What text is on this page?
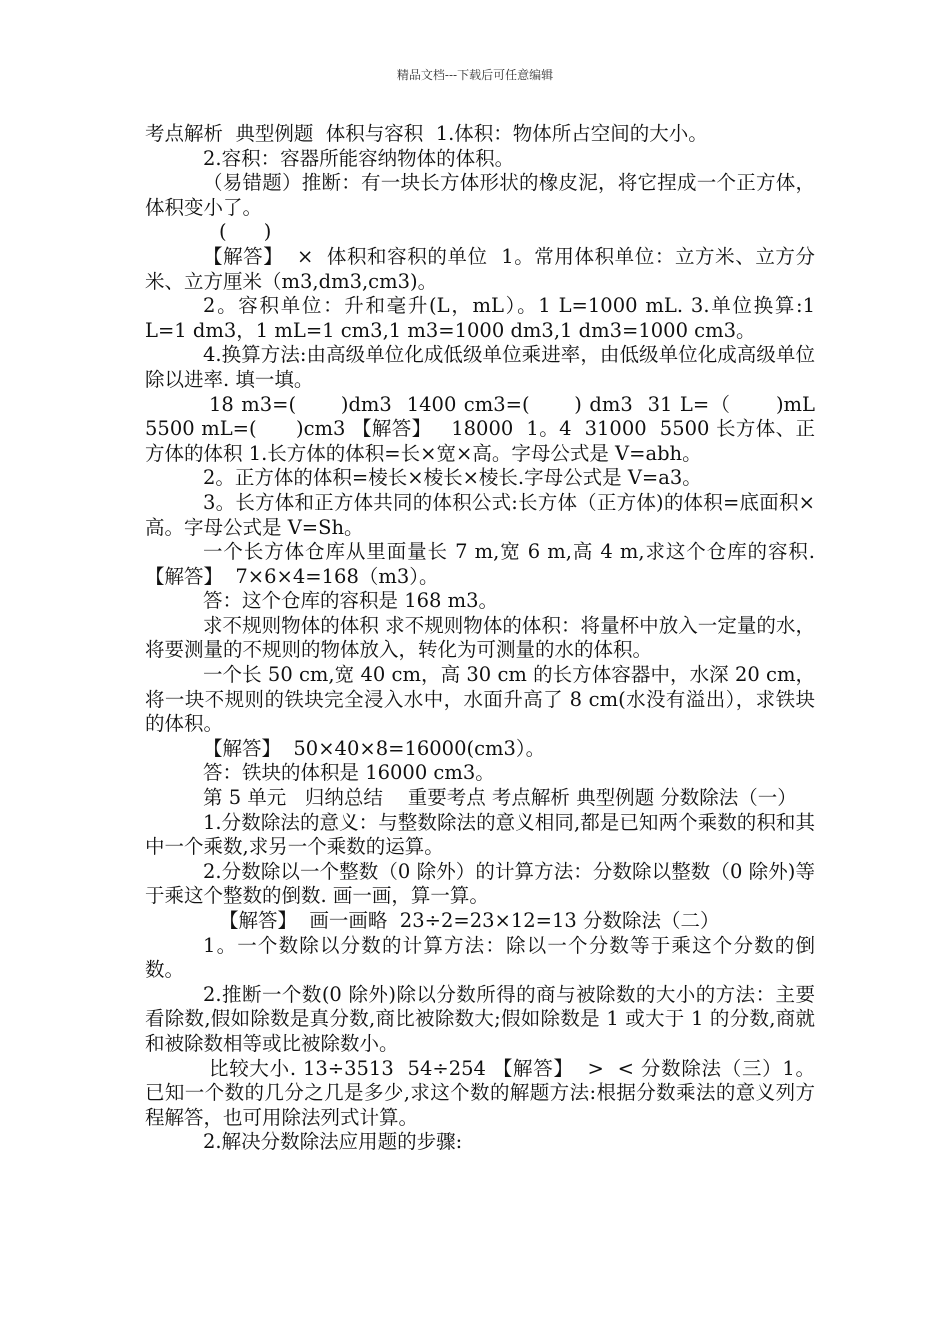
精品文档---下载后可任意编辑

考点解析  典型例题  体积与容积  1.体积：物体所占空间的大小。

2.容积：容器所能容纳物体的体积。

（易错题）推断：有一块长方体形状的橡皮泥，将它捏成一个正方体，体积变小了。

(      )

【解答】  ×  体积和容积的单位  1。常用体积单位：立方米、立方分米、立方厘米（m3,dm3,cm3)。

2。容积单位：升和毫升(L，mL）。1 L=1000 mL. 3.单位换算:1 L=1 dm3，1 mL=1 cm3,1 m3=1000 dm3,1 dm3=1000 cm3。

4.换算方法:由高级单位化成低级单位乘进率，由低级单位化成高级单位除以进率. 填一填。

18 m3=(      )dm3  1400 cm3=(      ) dm3  31 L=（      )mL  5500 mL=(      )cm3 【解答】   18000  1。4  31000  5500 长方体、正方体的体积 1.长方体的体积=长×宽×高。字母公式是 V=abh。

2。正方体的体积=棱长×棱长×棱长.字母公式是 V=a3。

3。长方体和正方体共同的体积公式:长方体（正方体)的体积=底面积×高。字母公式是 V=Sh。

一个长方体仓库从里面量长 7 m,宽 6 m,高 4 m,求这个仓库的容积. 【解答】  7×6×4=168（m3）。

答：这个仓库的容积是 168 m3。

求不规则物体的体积 求不规则物体的体积：将量杯中放入一定量的水，将要测量的不规则的物体放入，转化为可测量的水的体积。

一个长 50 cm,宽 40 cm，高 30 cm 的长方体容器中，水深 20 cm，将一块不规则的铁块完全浸入水中，水面升高了 8 cm(水没有溢出），求铁块的体积。

【解答】  50×40×8=16000(cm3）。

答：铁块的体积是 16000 cm3。

第 5 单元   归纳总结    重要考点 考点解析 典型例题 分数除法（一）

1.分数除法的意义：与整数除法的意义相同,都是已知两个乘数的积和其中一个乘数,求另一个乘数的运算。

2.分数除以一个整数（0 除外）的计算方法：分数除以整数（0 除外)等于乘这个整数的倒数. 画一画，算一算。

【解答】  画一画略  23÷2=23×12=13 分数除法（二）

1。一个数除以分数的计算方法：除以一个分数等于乘这个分数的倒数。

2.推断一个数(0 除外)除以分数所得的商与被除数的大小的方法：主要看除数,假如除数是真分数,商比被除数大;假如除数是 1 或大于 1 的分数,商就和被除数相等或比被除数小。

比较大小. 13÷3513  54÷254 【解答】  >  < 分数除法（三）1。已知一个数的几分之几是多少,求这个数的解题方法:根据分数乘法的意义列方程解答，也可用除法列式计算。

2.解决分数除法应用题的步骤:
